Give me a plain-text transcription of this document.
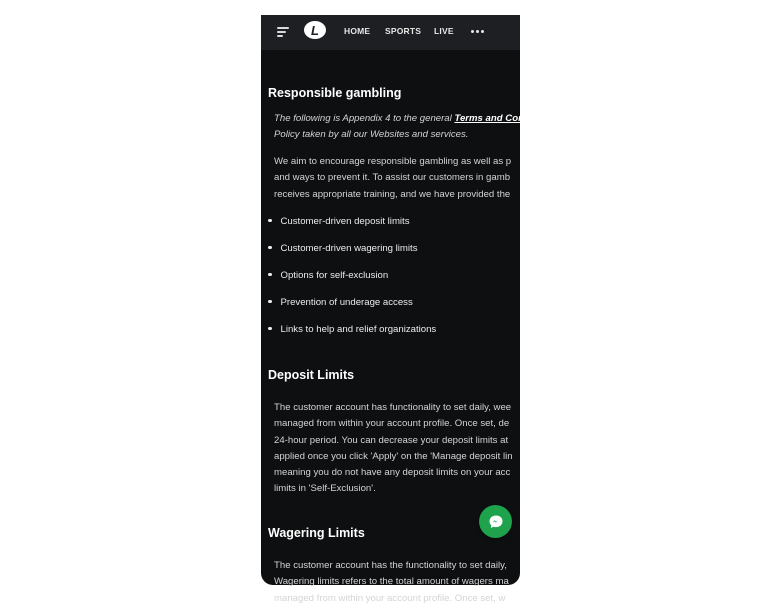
L	HOME SPORTS LIVE
Responsible gambling
The following is Appendix 4 to the general Terms and Con
Policy taken by all our Websites and services.
We aim to encourage responsible gambling as well as p
and ways to prevent it. To assist our customers in gamb
receives appropriate training, and we have provided the
Customer-driven deposit limits
Customer-driven wagering limits
Options for self-exclusion
Prevention of underage access
Links to help and relief organizations
Deposit Limits
The customer account has functionality to set daily, wee
managed from within your account profile. Once set, de
24-hour period. You can decrease your deposit limits at
applied once you click 'Apply' on the 'Manage deposit lin
meaning you do not have any deposit limits on your acc
limits in 'Self-Exclusion'.
Wagering Limits
The customer account has the functionality to set daily,
Wagering limits refers to the total amount of wagers ma
managed from within your account profile. Once set, w
